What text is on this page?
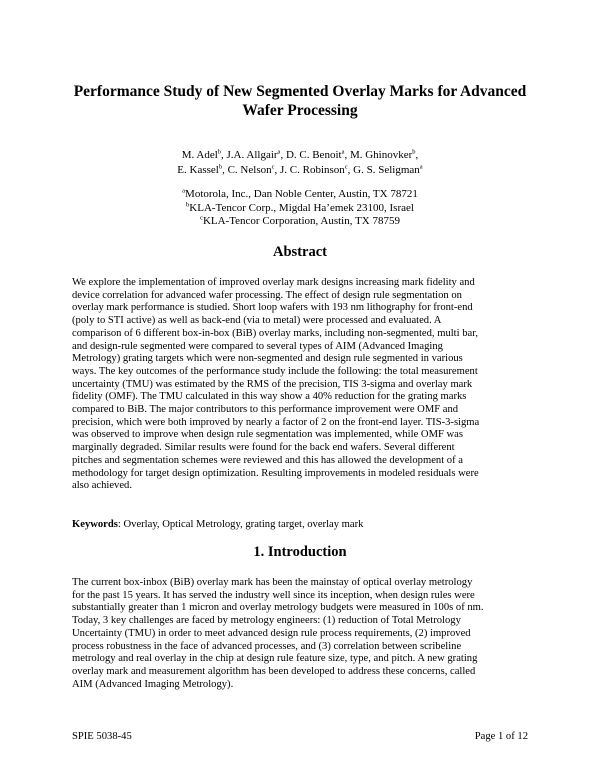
Performance Study of New Segmented Overlay Marks for Advanced
Wafer Processing
M. Adel$^b$, J.A. Allgair$^a$, D. C. Benoit$^a$, M. Ghinovker$^b$,
E. Kassel$^b$, C. Nelson$^c$, J. C. Robinson$^c$, G. S. Seligman$^a$
$^a$Motorola, Inc., Dan Noble Center, Austin, TX 78721
$^b$KLA-Tencor Corp., Migdal Ha’emek 23100, Israel
$^c$KLA-Tencor Corporation, Austin, TX 78759
Abstract
We explore the implementation of improved overlay mark designs increasing mark fidelity and
device correlation for advanced wafer processing. The effect of design rule segmentation on
overlay mark performance is studied. Short loop wafers with 193 nm lithography for front-end
(poly to STI active) as well as back-end (via to metal) were processed and evaluated. A
comparison of 6 different box-in-box (BiB) overlay marks, including non-segmented, multi bar,
and design-rule segmented were compared to several types of AIM (Advanced Imaging
Metrology) grating targets which were non-segmented and design rule segmented in various
ways. The key outcomes of the performance study include the following: the total measurement
uncertainty (TMU) was estimated by the RMS of the precision, TIS 3-sigma and overlay mark
fidelity (OMF). The TMU calculated in this way show a 40% reduction for the grating marks
compared to BiB. The major contributors to this performance improvement were OMF and
precision, which were both improved by nearly a factor of 2 on the front-end layer. TIS-3-sigma
was observed to improve when design rule segmentation was implemented, while OMF was
marginally degraded. Similar results were found for the back end wafers. Several different
pitches and segmentation schemes were reviewed and this has allowed the development of a
methodology for target design optimization. Resulting improvements in modeled residuals were
also achieved.
Keywords: Overlay, Optical Metrology, grating target, overlay mark
1. Introduction
The current box-inbox (BiB) overlay mark has been the mainstay of optical overlay metrology
for the past 15 years. It has served the industry well since its inception, when design rules were
substantially greater than 1 micron and overlay metrology budgets were measured in 100s of nm.
Today, 3 key challenges are faced by metrology engineers: (1) reduction of Total Metrology
Uncertainty (TMU) in order to meet advanced design rule process requirements, (2) improved
process robustness in the face of advanced processes, and (3) correlation between scribeline
metrology and real overlay in the chip at design rule feature size, type, and pitch. A new grating
overlay mark and measurement algorithm has been developed to address these concerns, called
AIM (Advanced Imaging Metrology).
SPIE 5038-45	Page 1 of 12
